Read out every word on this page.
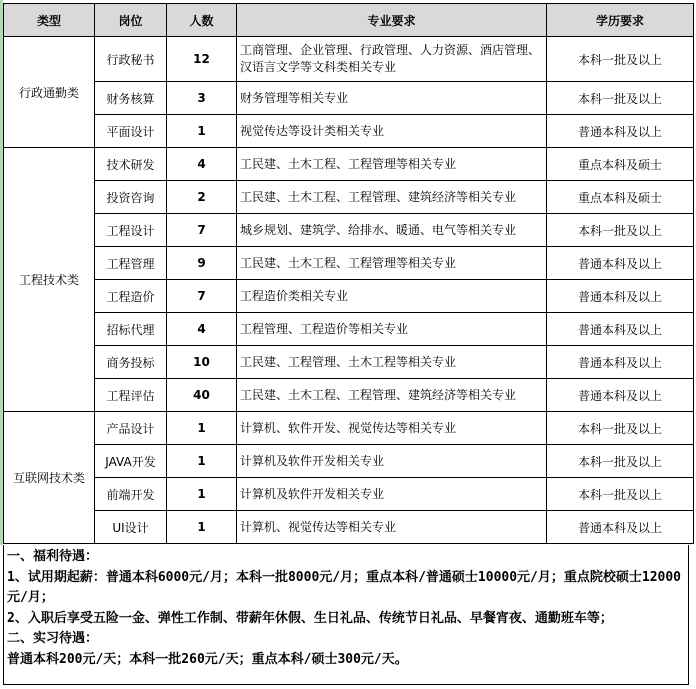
类型	岗位	人数	专业要求	学历要求
行政通勤类	行政秘书	12	工商管理、企业管理、行政管理、人力资源、酒店管理、汉语言文学等文科类相关专业	本科一批及以上
	财务核算	3	财务管理等相关专业	本科一批及以上
	平面设计	1	视觉传达等设计类相关专业	普通本科及以上
工程技术类	技术研发	4	工民建、土木工程、工程管理等相关专业	重点本科及硕士
	投资咨询	2	工民建、土木工程、工程管理、建筑经济等相关专业	重点本科及硕士
	工程设计	7	城乡规划、建筑学、给排水、暖通、电气等相关专业	本科一批及以上
	工程管理	9	工民建、土木工程、工程管理等相关专业	普通本科及以上
	工程造价	7	工程造价类相关专业	普通本科及以上
	招标代理	4	工程管理、工程造价等相关专业	普通本科及以上
	商务投标	10	工民建、工程管理、土木工程等相关专业	普通本科及以上
	工程评估	40	工民建、土木工程、工程管理、建筑经济等相关专业	普通本科及以上
互联网技术类	产品设计	1	计算机、软件开发、视觉传达等相关专业	本科一批及以上
	JAVA开发	1	计算机及软件开发相关专业	本科一批及以上
	前端开发	1	计算机及软件开发相关专业	本科一批及以上
	UI设计	1	计算机、视觉传达等相关专业	普通本科及以上
一、福利待遇：
1、试用期起薪：普通本科6000元/月；本科一批8000元/月；重点本科/普通硕士10000元/月；重点院校硕士12000元/月；
2、入职后享受五险一金、弹性工作制、带薪年休假、生日礼品、传统节日礼品、早餐宵夜、通勤班车等；
二、实习待遇：
普通本科200元/天；本科一批260元/天；重点本科/硕士300元/天。
